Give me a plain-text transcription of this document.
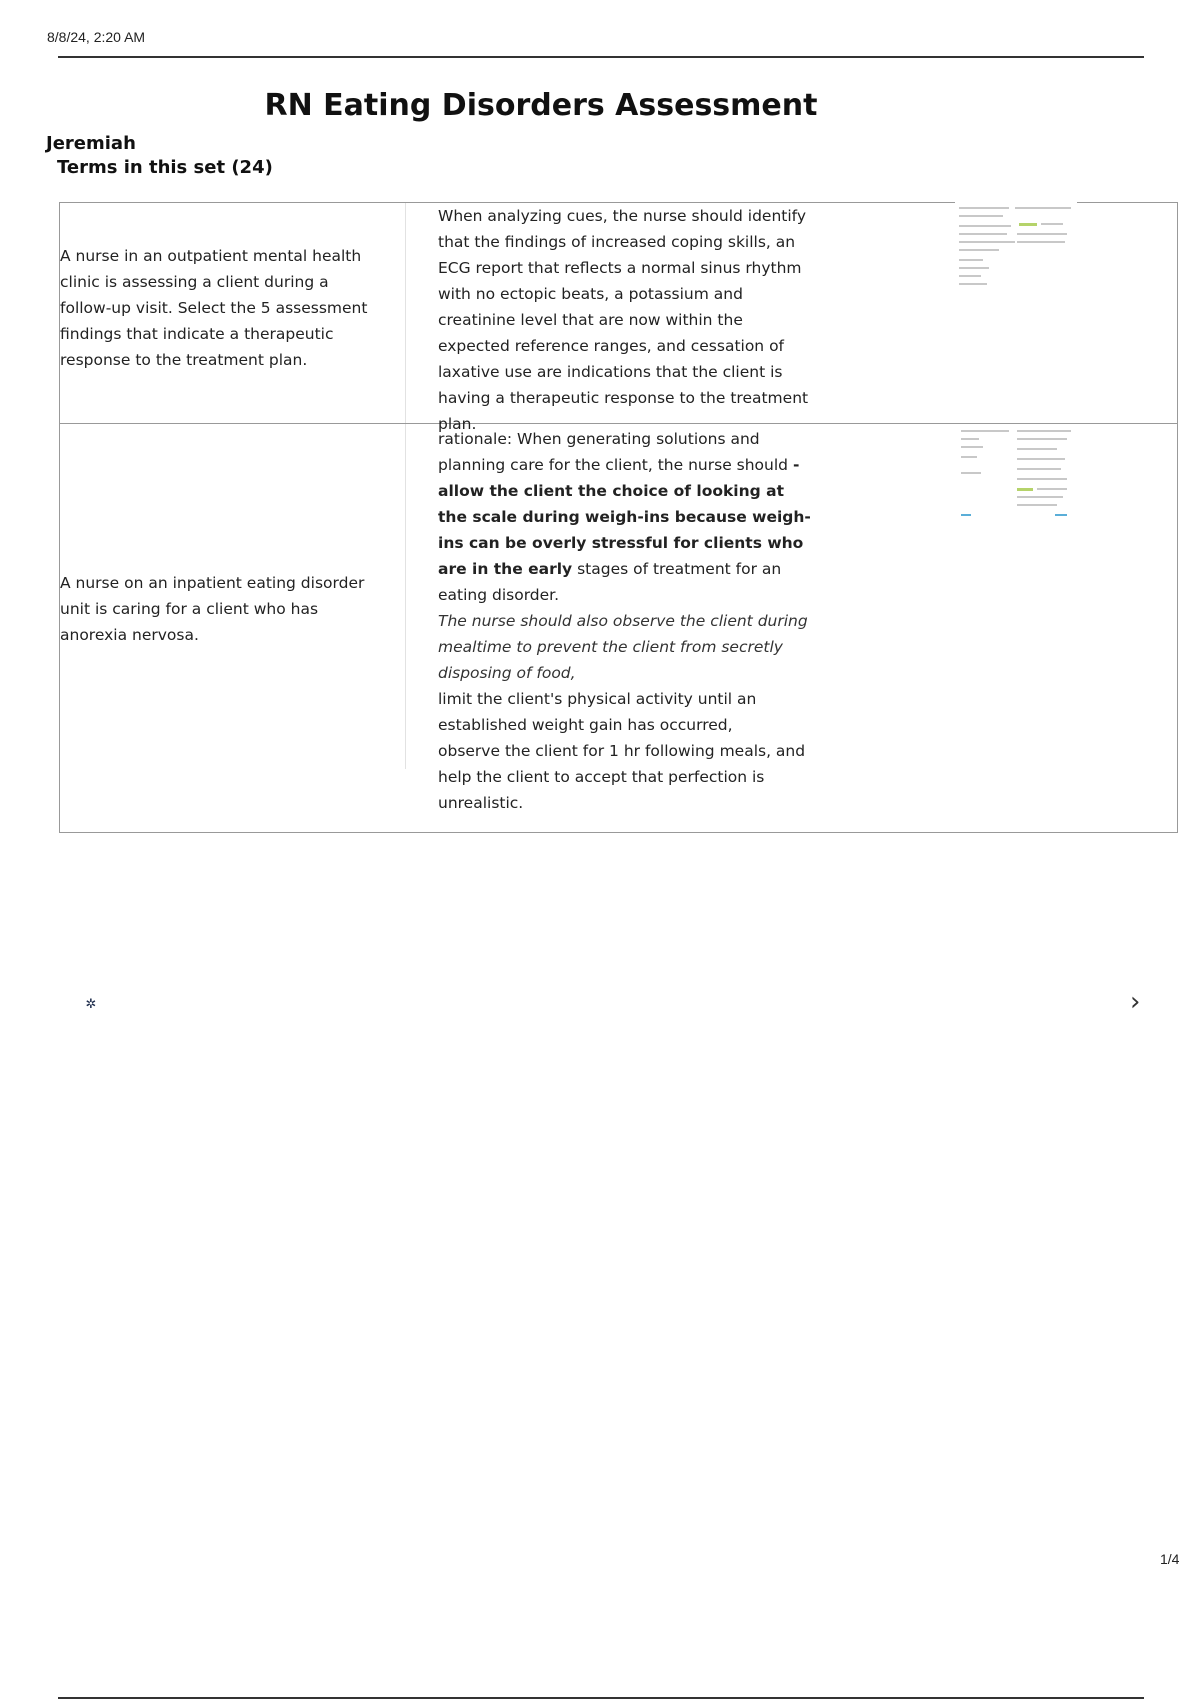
8/8/24, 2:20 AM
RN Eating Disorders Assessment
Jeremiah
Terms in this set (24)
A nurse in an outpatient mental health clinic is assessing a client during a follow-up visit. Select the 5 assessment findings that indicate a therapeutic response to the treatment plan.
When analyzing cues, the nurse should identify that the findings of increased coping skills, an ECG report that reflects a normal sinus rhythm with no ectopic beats, a potassium and creatinine level that are now within the expected reference ranges, and cessation of laxative use are indications that the client is having a therapeutic response to the treatment plan.
A nurse on an inpatient eating disorder unit is caring for a client who has anorexia nervosa.

rationale: When generating solutions and planning care for the client, the nurse should -allow the client the choice of looking at the scale during weigh-ins because weigh-ins can be overly stressful for clients who are in the early stages of treatment for an eating disorder.

The nurse should also observe the client during mealtime to prevent the client from secretly disposing of food,

limit the client's physical activity until an established weight gain has occurred,

observe the client for 1 hr following meals, and help the client to accept that perfection is unrealistic.

✲	›
1/4
